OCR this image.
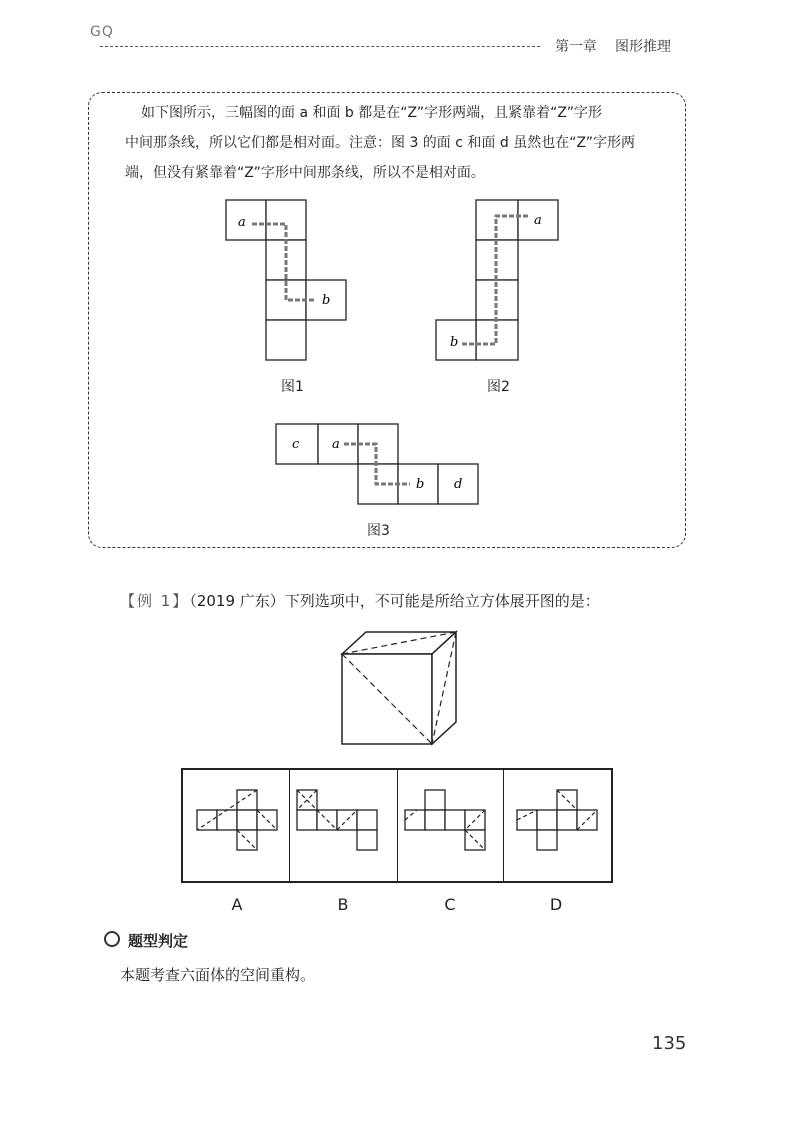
GQ
第一章 图形推理
如下图所示，三幅图的面 a 和面 b 都是在“Z”字形两端，且紧靠着“Z”字形
中间那条线，所以它们都是相对面。注意：图 3 的面 c 和面 d 虽然也在“Z”字形两
端，但没有紧靠着“Z”字形中间那条线，所以不是相对面。
a
b
图1
a
b
图2
c	a
b d
图3
【例 1】（2019 广东）下列选项中，不可能是所给立方体展开图的是：
A	B	C	D
题型判定
本题考查六面体的空间重构。
135
